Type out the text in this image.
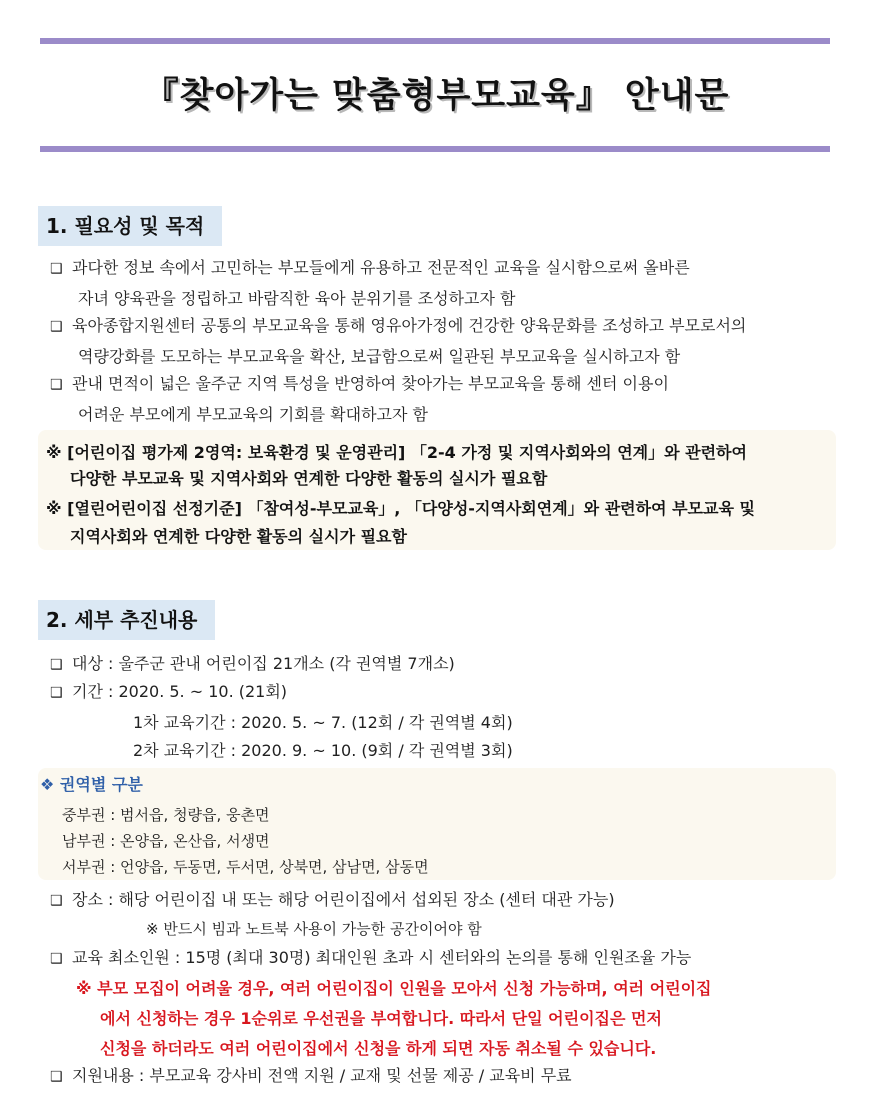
『찾아가는 맞춤형부모교육』 안내문
1. 필요성 및 목적
❑ 과다한 정보 속에서 고민하는 부모들에게 유용하고 전문적인 교육을 실시함으로써 올바른
자녀 양육관을 정립하고 바람직한 육아 분위기를 조성하고자 함
❑ 육아종합지원센터 공통의 부모교육을 통해 영유아가정에 건강한 양육문화를 조성하고 부모로서의
역량강화를 도모하는 부모교육을 확산, 보급함으로써 일관된 부모교육을 실시하고자 함
❑ 관내 면적이 넓은 울주군 지역 특성을 반영하여 찾아가는 부모교육을 통해 센터 이용이
어려운 부모에게 부모교육의 기회를 확대하고자 함
※ [어린이집 평가제 2영역: 보육환경 및 운영관리] 「2-4 가정 및 지역사회와의 연계」와 관련하여
다양한 부모교육 및 지역사회와 연계한 다양한 활동의 실시가 필요함
※ [열린어린이집 선정기준] 「참여성-부모교육」, 「다양성-지역사회연계」와 관련하여 부모교육 및
지역사회와 연계한 다양한 활동의 실시가 필요함
2. 세부 추진내용
❑ 대상 : 울주군 관내 어린이집 21개소 (각 권역별 7개소)
❑ 기간 : 2020. 5. ~ 10. (21회)
1차 교육기간 : 2020. 5. ~ 7. (12회 / 각 권역별 4회)
2차 교육기간 : 2020. 9. ~ 10. (9회 / 각 권역별 3회)
❖ 권역별 구분
중부권 : 범서읍, 청량읍, 웅촌면
남부권 : 온양읍, 온산읍, 서생면
서부권 : 언양읍, 두동면, 두서면, 상북면, 삼남면, 삼동면
❑ 장소 : 해당 어린이집 내 또는 해당 어린이집에서 섭외된 장소 (센터 대관 가능)
※ 반드시 빔과 노트북 사용이 가능한 공간이어야 함
❑ 교육 최소인원 : 15명 (최대 30명) 최대인원 초과 시 센터와의 논의를 통해 인원조율 가능
※ 부모 모집이 어려울 경우, 여러 어린이집이 인원을 모아서 신청 가능하며, 여러 어린이집
에서 신청하는 경우 1순위로 우선권을 부여합니다. 따라서 단일 어린이집은 먼저
신청을 하더라도 여러 어린이집에서 신청을 하게 되면 자동 취소될 수 있습니다.
❑ 지원내용 : 부모교육 강사비 전액 지원 / 교재 및 선물 제공 / 교육비 무료
